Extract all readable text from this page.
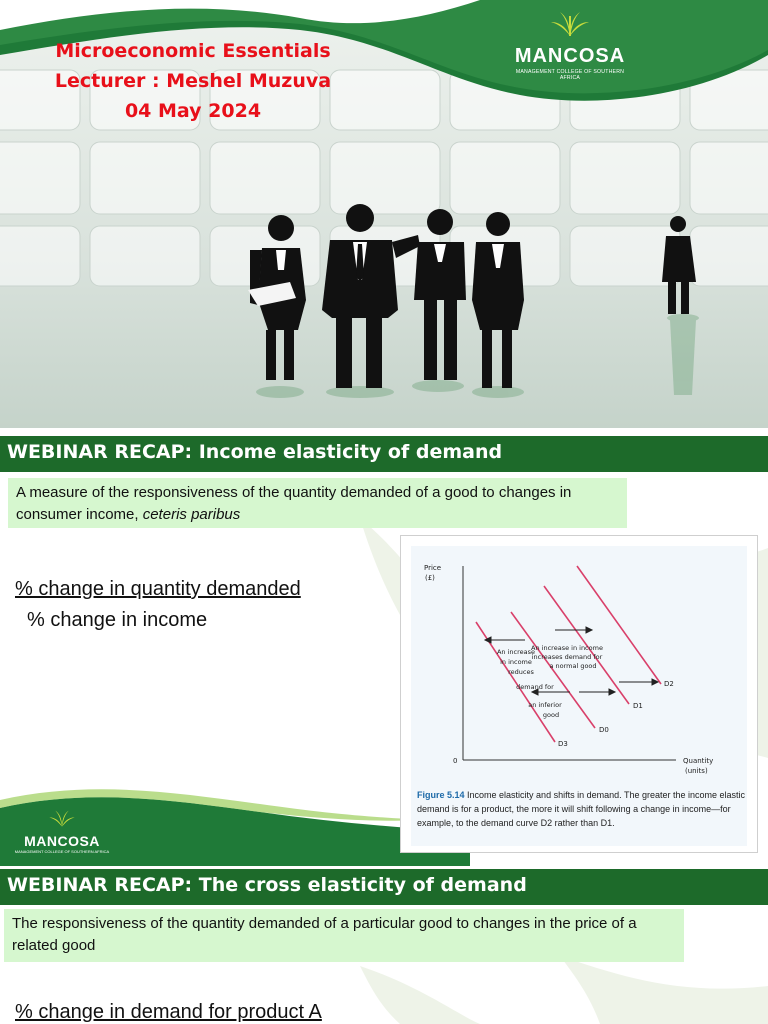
Microeconomic Essentials
Lecturer : Meshel Muzuva
04 May 2024
MANCOSA
MANAGEMENT COLLEGE OF SOUTHERN AFRICA
WEBINAR RECAP: Income elasticity of demand
A measure of the responsiveness of the quantity demanded of a good to changes in consumer income, ceteris paribus
% change in quantity demanded
% change in income
Price
(£)
0	Quantity
(units)
D3
D0
D1
D2
An increase in income
increases demand for
a normal good
An increase
in income
reduces
demand for
an inferior
good
Figure 5.14 Income elasticity and shifts in demand. The greater the income elastic demand is for a product, the more it will shift following a change in income—for example, to the demand curve D2 rather than D1.
MANCOSA
MANAGEMENT COLLEGE OF SOUTHERN AFRICA
WEBINAR RECAP: The cross elasticity of demand
The responsiveness of the quantity demanded of a particular good to changes in the price of a related good
% change in demand for product A
